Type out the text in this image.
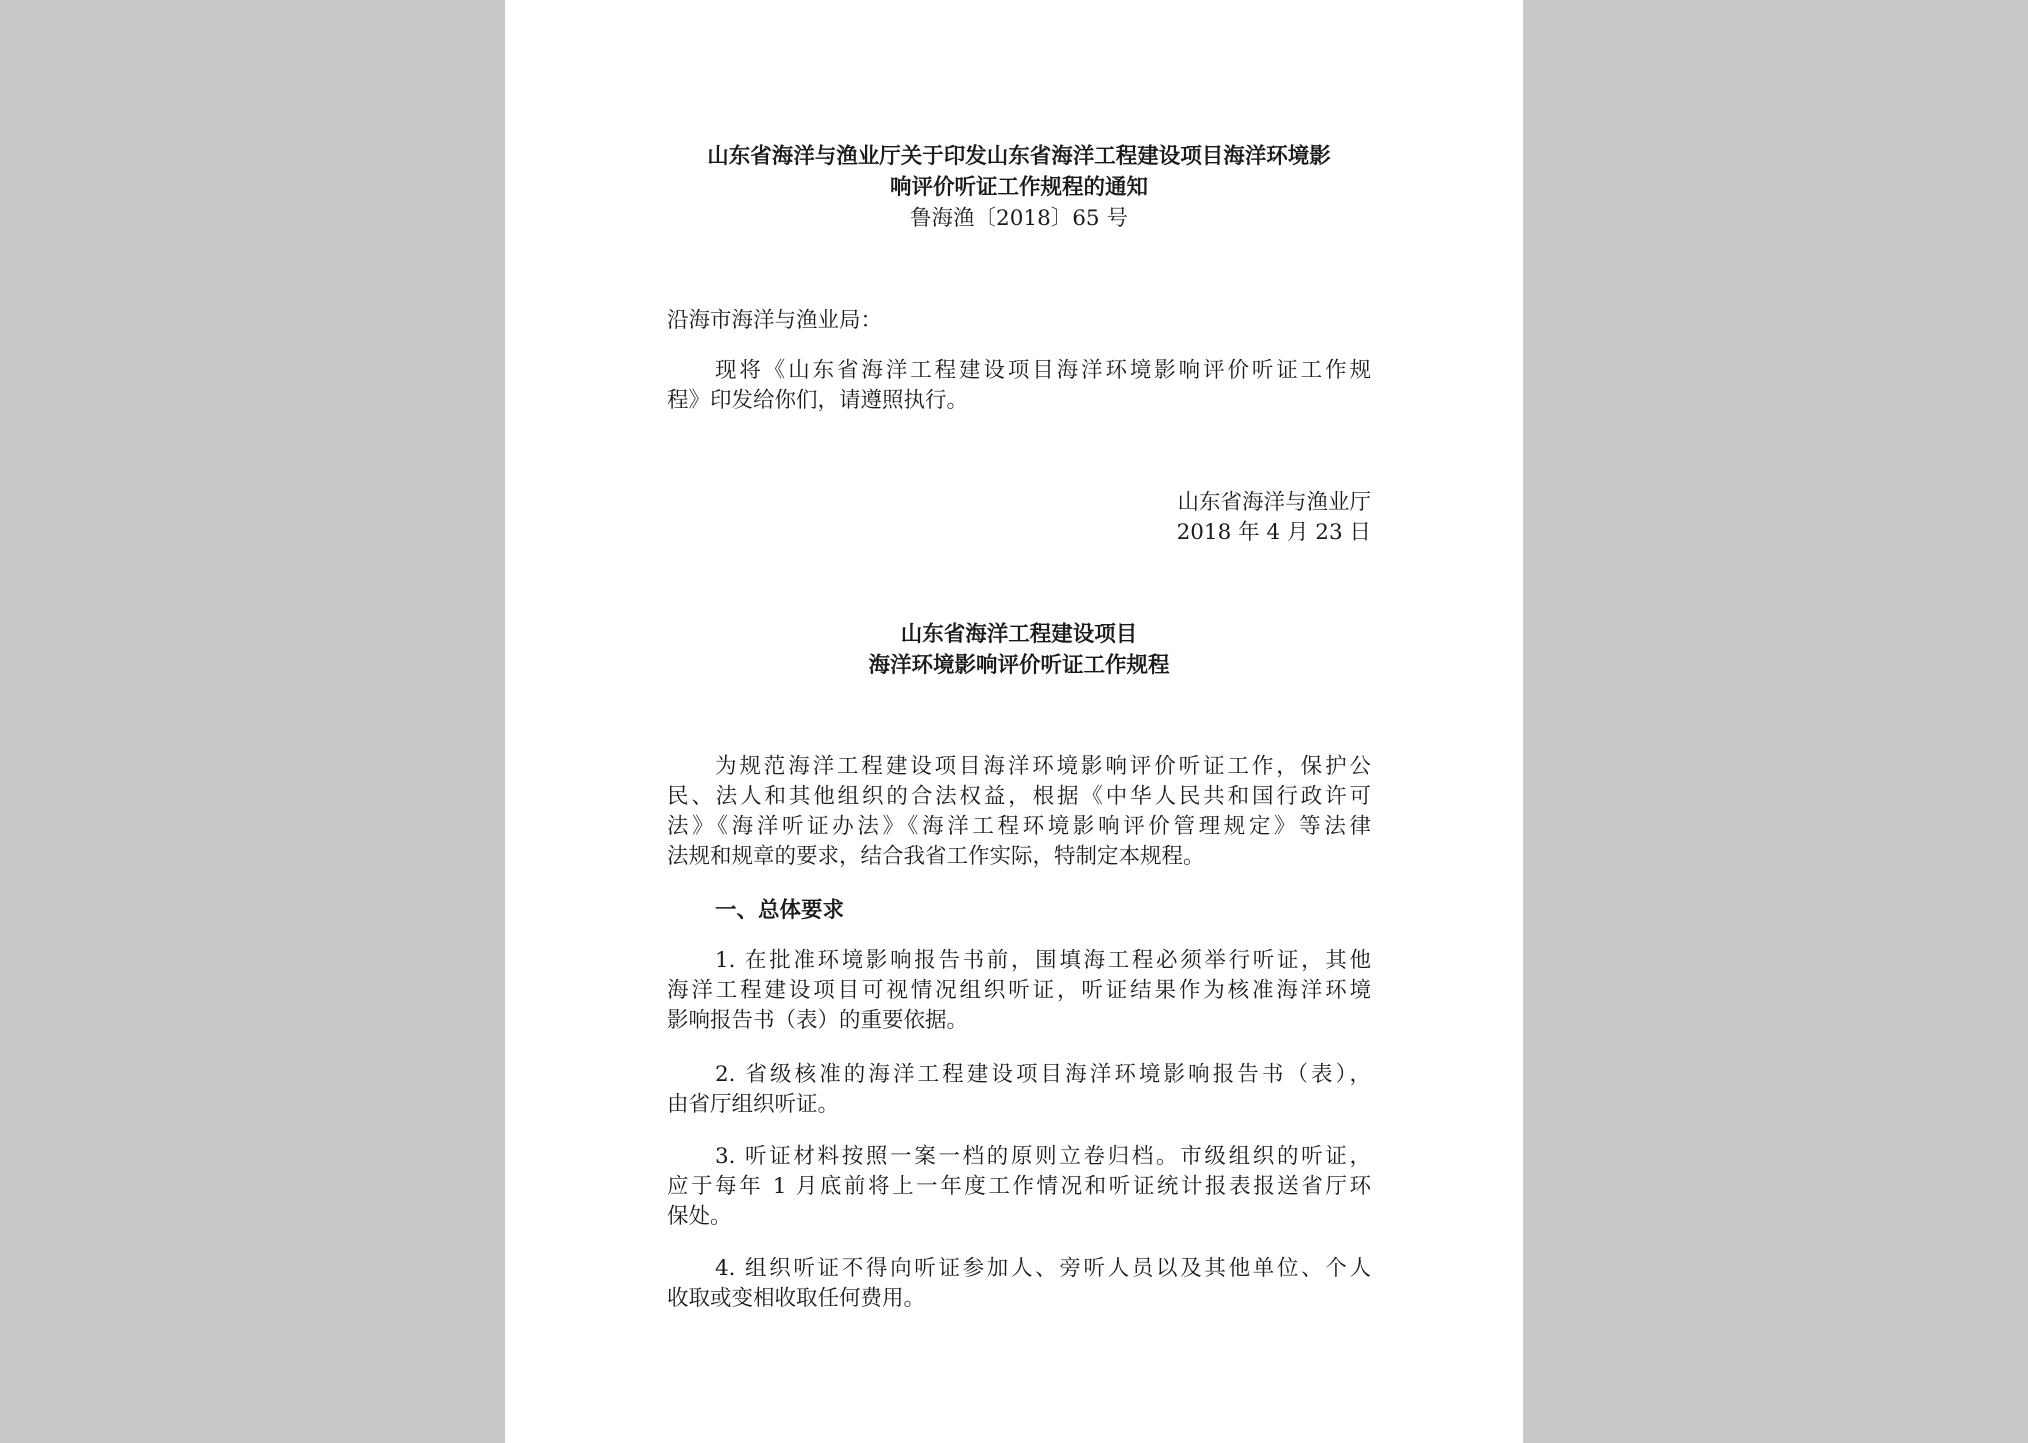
山东省海洋与渔业厅关于印发山东省海洋工程建设项目海洋环境影
响评价听证工作规程的通知
鲁海渔〔2018〕65 号
沿海市海洋与渔业局：
现将《山东省海洋工程建设项目海洋环境影响评价听证工作规
程》印发给你们，请遵照执行。
山东省海洋与渔业厅
2018 年 4 月 23 日
山东省海洋工程建设项目
海洋环境影响评价听证工作规程
为规范海洋工程建设项目海洋环境影响评价听证工作，保护公
民、法人和其他组织的合法权益，根据《中华人民共和国行政许可
法》《海洋听证办法》《海洋工程环境影响评价管理规定》等法律
法规和规章的要求，结合我省工作实际，特制定本规程。
一、总体要求
1. 在批准环境影响报告书前，围填海工程必须举行听证，其他
海洋工程建设项目可视情况组织听证，听证结果作为核准海洋环境
影响报告书（表）的重要依据。
2. 省级核准的海洋工程建设项目海洋环境影响报告书（表），
由省厅组织听证。
3. 听证材料按照一案一档的原则立卷归档。市级组织的听证，
应于每年 1 月底前将上一年度工作情况和听证统计报表报送省厅环
保处。
4. 组织听证不得向听证参加人、旁听人员以及其他单位、个人
收取或变相收取任何费用。
